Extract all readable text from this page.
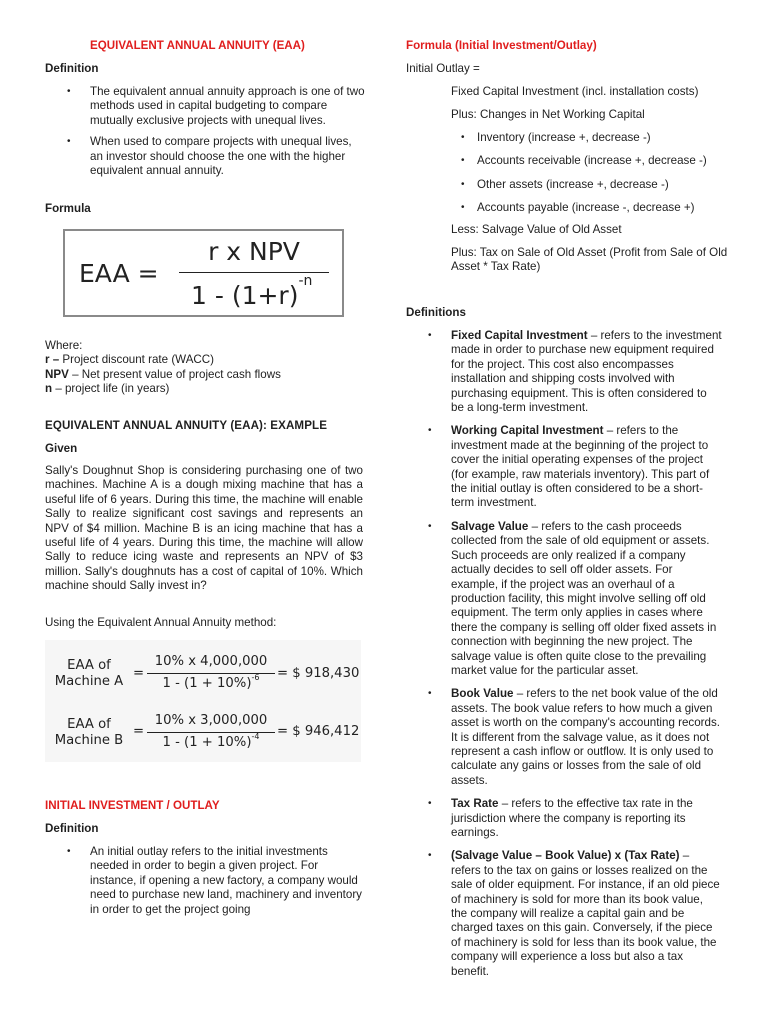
EQUIVALENT ANNUAL ANNUITY (EAA)
Definition
• The equivalent annual annuity approach is one of two methods used in capital budgeting to compare mutually exclusive projects with unequal lives.
• When used to compare projects with unequal lives, an investor should choose the one with the higher equivalent annual annuity.
Formula
EAA =
r x NPV
$1 - (1+r)^{-n}$
Where:
r – Project discount rate (WACC)
NPV – Net present value of project cash flows
n – project life (in years)
EQUIVALENT ANNUAL ANNUITY (EAA): EXAMPLE
Given
Sally's Doughnut Shop is considering purchasing one of two machines. Machine A is a dough mixing machine that has a useful life of 6 years. During this time, the machine will enable Sally to realize significant cost savings and represents an NPV of $4 million. Machine B is an icing machine that has a useful life of 4 years. During this time, the machine will allow Sally to reduce icing waste and represents an NPV of $3 million. Sally's doughnuts has a cost of capital of 10%. Which machine should Sally invest in?
Using the Equivalent Annual Annuity method:
EAA of
Machine A
=
10% x 4,000,000
$1 - (1 + 10\%)^{-6}$	= $ 918,430
EAA of
Machine B
=
10% x 3,000,000
$1 - (1 + 10\%)^{-4}$	= $ 946,412
INITIAL INVESTMENT / OUTLAY
Definition
• An initial outlay refers to the initial investments needed in order to begin a given project. For instance, if opening a new factory, a company would need to purchase new land, machinery and inventory in order to get the project going
Formula (Initial Investment/Outlay)
Initial Outlay =
Fixed Capital Investment (incl. installation costs)
Plus: Changes in Net Working Capital
• Inventory (increase +, decrease -)
• Accounts receivable (increase +, decrease -)
• Other assets (increase +, decrease -)
• Accounts payable (increase -, decrease +)
Less: Salvage Value of Old Asset
Plus: Tax on Sale of Old Asset (Profit from Sale of Old Asset * Tax Rate)
Definitions
• Fixed Capital Investment – refers to the investment made in order to purchase new equipment required for the project. This cost also encompasses installation and shipping costs involved with purchasing equipment. This is often considered to be a long-term investment.
• Working Capital Investment – refers to the investment made at the beginning of the project to cover the initial operating expenses of the project (for example, raw materials inventory). This part of the initial outlay is often considered to be a short-term investment.
• Salvage Value – refers to the cash proceeds collected from the sale of old equipment or assets. Such proceeds are only realized if a company actually decides to sell off older assets. For example, if the project was an overhaul of a production facility, this might involve selling off old equipment. The term only applies in cases where there the company is selling off older fixed assets in connection with beginning the new project. The salvage value is often quite close to the prevailing market value for the particular asset.
• Book Value – refers to the net book value of the old assets. The book value refers to how much a given asset is worth on the company's accounting records. It is different from the salvage value, as it does not represent a cash inflow or outflow. It is only used to calculate any gains or losses from the sale of old assets.
• Tax Rate – refers to the effective tax rate in the jurisdiction where the company is reporting its earnings.
• (Salvage Value – Book Value) x (Tax Rate) – refers to the tax on gains or losses realized on the sale of older equipment. For instance, if an old piece of machinery is sold for more than its book value, the company will realize a capital gain and be charged taxes on this gain. Conversely, if the piece of machinery is sold for less than its book value, the company will experience a loss but also a tax benefit.
